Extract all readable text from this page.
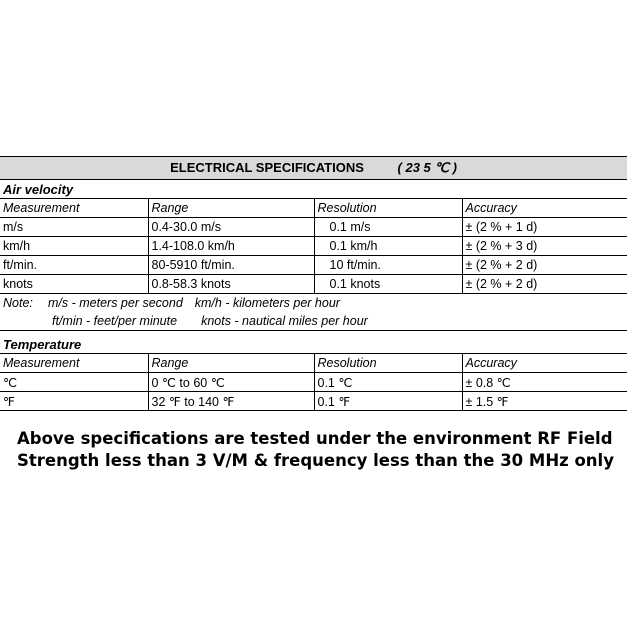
ELECTRICAL SPECIFICATIONS ( 23 5 ℃ )			
Air velocity			
Measurement	Range	Resolution	Accuracy
m/s	0.4-30.0 m/s	0.1 m/s	± (2 % + 1 d)
km/h	1.4-108.0 km/h	0.1 km/h	± (2 % + 3 d)
ft/min.	80-5910 ft/min.	10 ft/min.	± (2 % + 2 d)
knots	0.8-58.3 knots	0.1 knots	± (2 % + 2 d)
Note: m/s - meters per second km/h - kilometers per hour			
ft/min - feet/per minute knots - nautical miles per hour			
Temperature			
Measurement	Range	Resolution	Accuracy
℃	0 ℃ to 60 ℃	0.1 ℃	± 0.8 ℃
℉	32 ℉ to 140 ℉	0.1 ℉	± 1.5 ℉
Above specifications are tested under the environment RF Field
Strength less than 3 V/M & frequency less than the 30 MHz only
